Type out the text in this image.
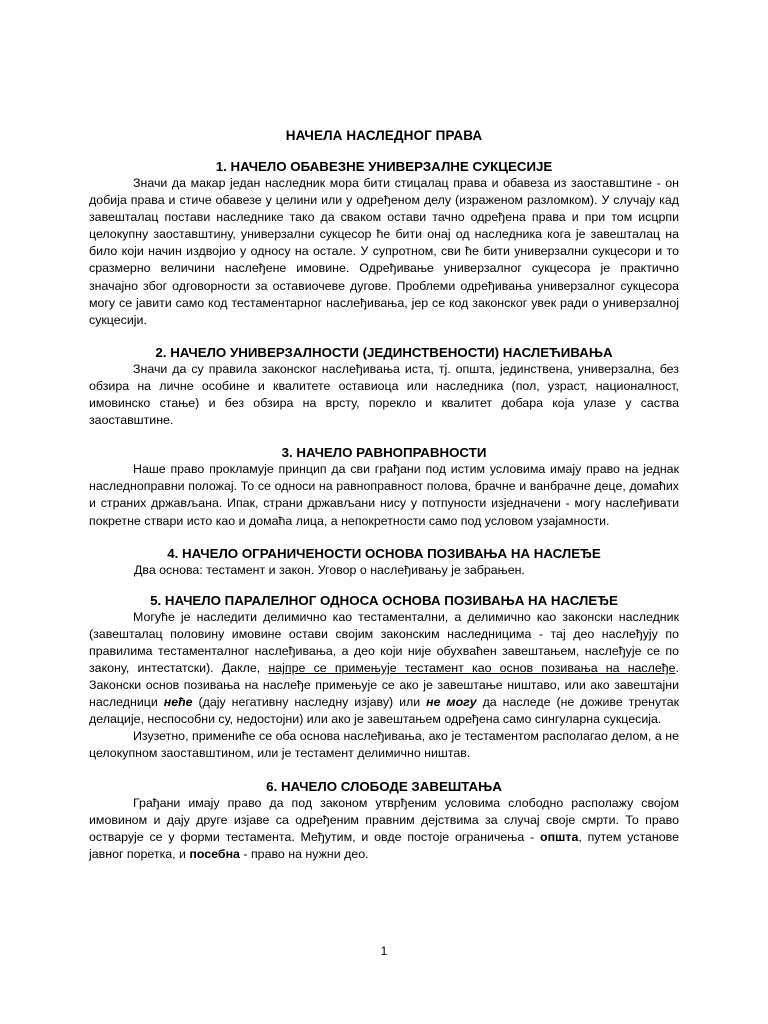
НАЧЕЛА НАСЛЕДНОГ ПРАВА
1. НАЧЕЛО ОБАВЕЗНЕ УНИВЕРЗАЛНЕ СУКЦЕСИЈЕ

Значи да макар један наследник мора бити стицалац права и обавеза из заоставштине - он добија права и стиче обавезе у целини или у одређеном делу (израженом разломком). У случају кад завешталац постави наследнике тако да сваком остави тачно одређена права и при том исцрпи целокупну заоставштину, универзални сукцесор ће бити онај од наследника кога је завешталац на било који начин издвојио у односу на остале. У супротном, сви ће бити универзални сукцесори и то сразмерно величини наслеђене имовине. Одређивање универзалног сукцесора је практично значајно због одговорности за оставиочеве дугове. Проблеми одређивања универзалног сукцесора могу се јавити само код тестаментарног наслеђивања, јер се код законског увек ради о универзалној сукцесији.

2. НАЧЕЛО УНИВЕРЗАЛНОСТИ (ЈЕДИНСТВЕНОСТИ) НАСЛЕЋИВАЊА

Значи да су правила законског наслеђивања иста, тј. општа, јединствена, универзална, без обзира на личне особине и квалитете оставиоца или наследника (пол, узраст, националност, имовинско стање) и без обзира на врсту, порекло и квалитет добара која улазе у саства заоставштине.

3. НАЧЕЛО РАВНОПРАВНОСТИ

Наше право прокламује принцип да сви грађани под истим условима имају право на једнак наследноправни положај. То се односи на равноправност полова, брачне и ванбрачне деце, домаћих и страних држављана. Ипак, страни држављани нису у потпуности изједначени - могу наслеђивати покретне ствари исто као и домаћа лица, а непокретности само под условом узајамности.

4. НАЧЕЛО ОГРАНИЧЕНОСТИ ОСНОВА ПОЗИВАЊА НА НАСЛЕЂЕ

Два основа: тестамент и закон. Уговор о наслеђивању је забрањен.

5. НАЧЕЛО ПАРАЛЕЛНОГ ОДНОСА ОСНОВА ПОЗИВАЊА НА НАСЛЕЂЕ

Могуће је наследити делимично као тестаментални, а делимично као законски наследник (завешталац половину имовине остави својим законским наследницима - тај део наслеђују по правилима тестаменталног наслеђивања, а део који није обухваћен завештањем, наслеђује се по закону, интестатски). Дакле, најпре се примењује тестамент као основ позивања на наслеђе. Законски основ позивања на наслеђе примењује се ако је завештање ништаво, или ако завештајни наследници неће (дају негативну наследну изјаву) или не могу да наследе (не доживе тренутак делације, неспособни су, недостојни) или ако је завештањем одређена само сингуларна сукцесија.

Изузетно, примениће се оба основа наслеђивања, ако је тестаментом располагао делом, а не целокупном заоставштином, или је тестамент делимично ништав.

6. НАЧЕЛО СЛОБОДЕ ЗАВЕШТАЊА

Грађани имају право да под законом утврђеним условима слободно располажу својом имовином и дају друге изјаве са одређеним правним дејствима за случај своје смрти. То право остварује се у форми тестамента. Међутим, и овде постоје ограничења - општа, путем установе јавног поретка, и посебна - право на нужни део.

1
